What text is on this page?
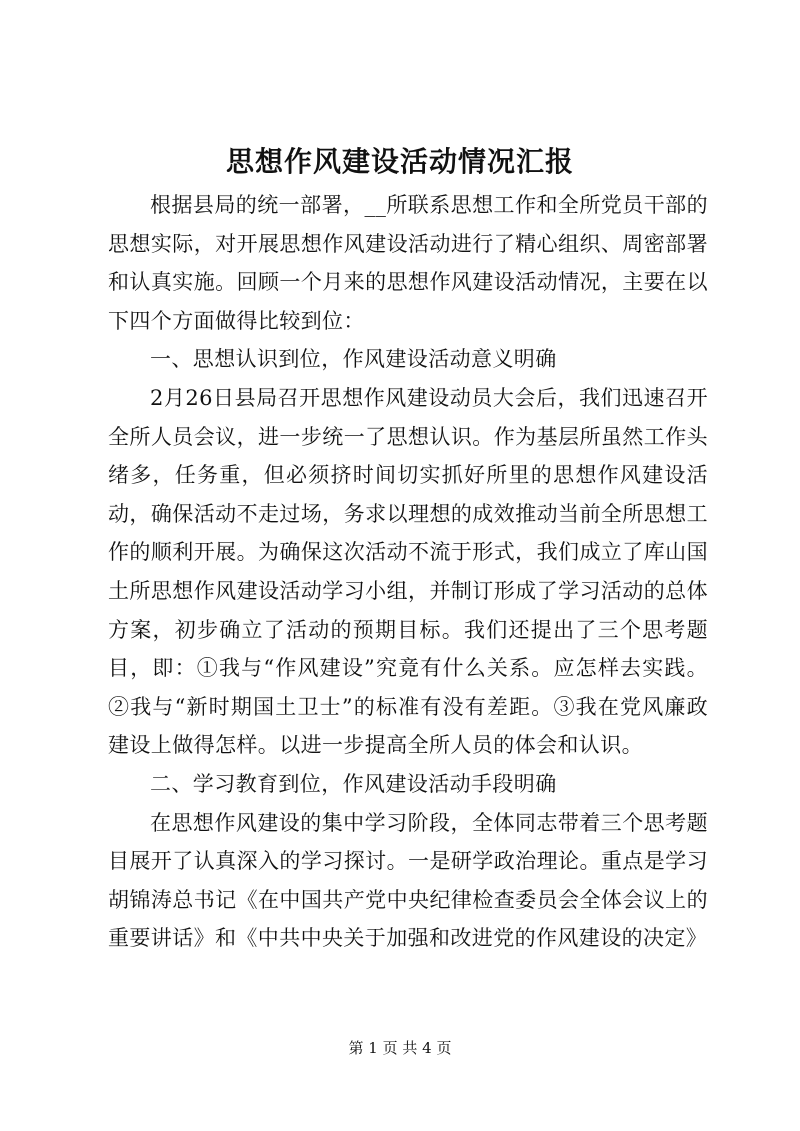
思想作风建设活动情况汇报

根据县局的统一部署，__所联系思想工作和全所党员干部的思想实际，对开展思想作风建设活动进行了精心组织、周密部署和认真实施。回顾一个月来的思想作风建设活动情况，主要在以下四个方面做得比较到位：

一、思想认识到位，作风建设活动意义明确

2月26日县局召开思想作风建设动员大会后，我们迅速召开全所人员会议，进一步统一了思想认识。作为基层所虽然工作头绪多，任务重，但必须挤时间切实抓好所里的思想作风建设活动，确保活动不走过场，务求以理想的成效推动当前全所思想工作的顺利开展。为确保这次活动不流于形式，我们成立了库山国土所思想作风建设活动学习小组，并制订形成了学习活动的总体方案，初步确立了活动的预期目标。我们还提出了三个思考题目，即：①我与“作风建设”究竟有什么关系。应怎样去实践。②我与“新时期国土卫士”的标准有没有差距。③我在党风廉政建设上做得怎样。以进一步提高全所人员的体会和认识。

二、学习教育到位，作风建设活动手段明确

在思想作风建设的集中学习阶段，全体同志带着三个思考题目展开了认真深入的学习探讨。一是研学政治理论。重点是学习胡锦涛总书记《在中国共产党中央纪律检查委员会全体会议上的重要讲话》和《中共中央关于加强和改进党的作风建设的决定》

第 1 页 共 4 页
